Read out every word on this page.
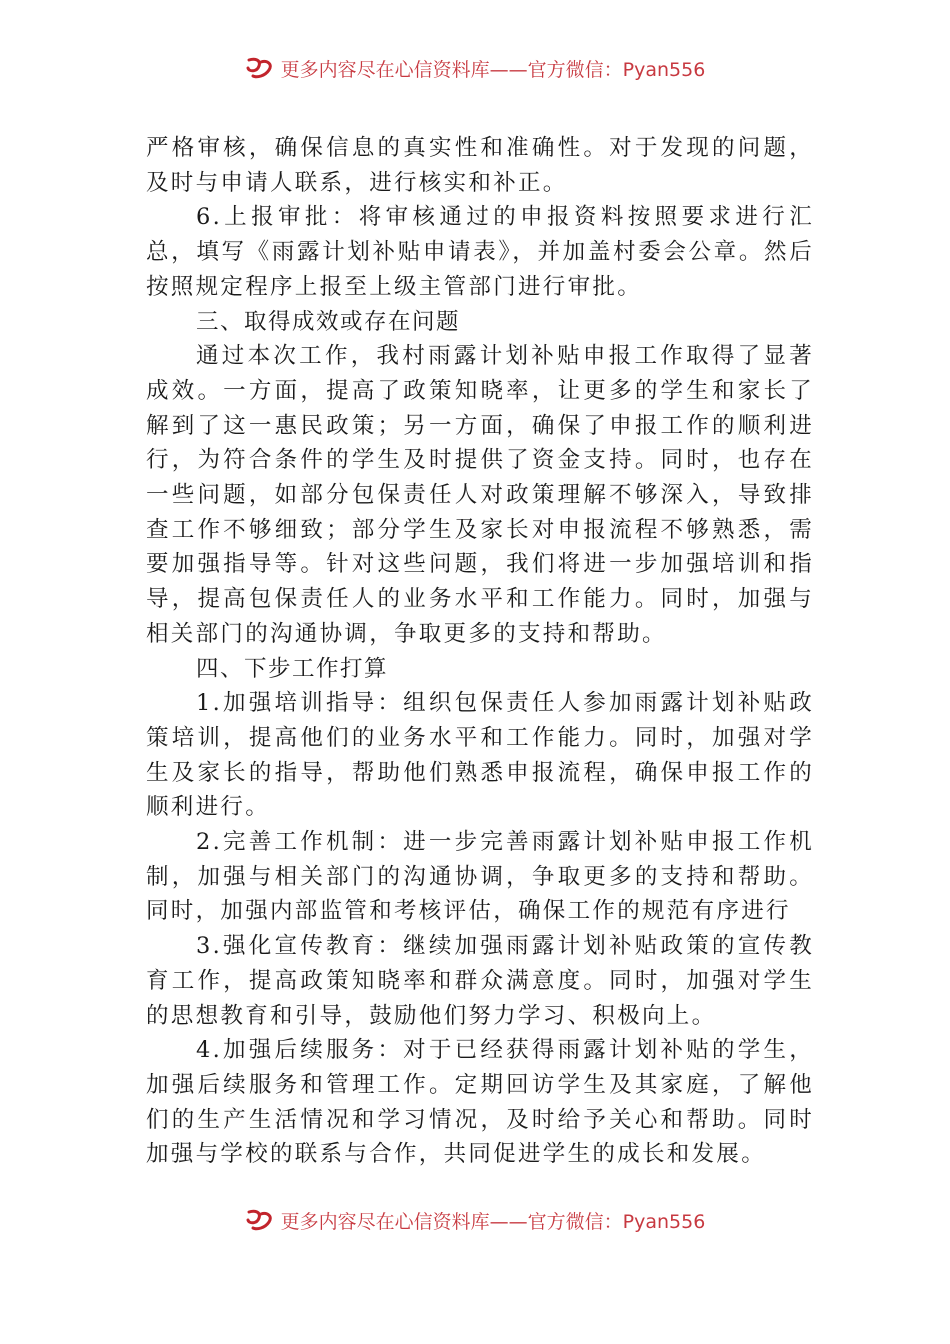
更多内容尽在心信资料库——官方微信：Pyan556

严格审核，确保信息的真实性和准确性。对于发现的问题，及时与申请人联系，进行核实和补正。

6.上报审批：将审核通过的申报资料按照要求进行汇总，填写《雨露计划补贴申请表》，并加盖村委会公章。然后按照规定程序上报至上级主管部门进行审批。

三、取得成效或存在问题

通过本次工作，我村雨露计划补贴申报工作取得了显著成效。一方面，提高了政策知晓率，让更多的学生和家长了解到了这一惠民政策；另一方面，确保了申报工作的顺利进行，为符合条件的学生及时提供了资金支持。同时，也存在一些问题，如部分包保责任人对政策理解不够深入，导致排查工作不够细致；部分学生及家长对申报流程不够熟悉，需要加强指导等。针对这些问题，我们将进一步加强培训和指导，提高包保责任人的业务水平和工作能力。同时，加强与相关部门的沟通协调，争取更多的支持和帮助。

四、下步工作打算

1.加强培训指导：组织包保责任人参加雨露计划补贴政策培训，提高他们的业务水平和工作能力。同时，加强对学生及家长的指导，帮助他们熟悉申报流程，确保申报工作的顺利进行。

2.完善工作机制：进一步完善雨露计划补贴申报工作机制，加强与相关部门的沟通协调，争取更多的支持和帮助。同时，加强内部监管和考核评估，确保工作的规范有序进行

3.强化宣传教育：继续加强雨露计划补贴政策的宣传教育工作，提高政策知晓率和群众满意度。同时，加强对学生的思想教育和引导，鼓励他们努力学习、积极向上。

4.加强后续服务：对于已经获得雨露计划补贴的学生，加强后续服务和管理工作。定期回访学生及其家庭，了解他们的生产生活情况和学习情况，及时给予关心和帮助。同时加强与学校的联系与合作，共同促进学生的成长和发展。

更多内容尽在心信资料库——官方微信：Pyan556
